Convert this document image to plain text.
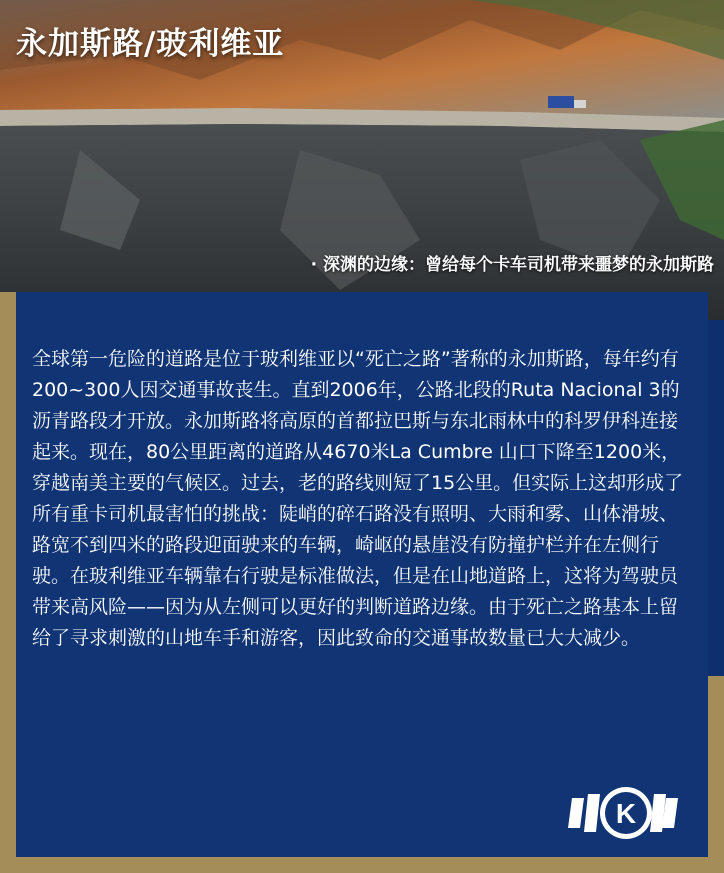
永加斯路/玻利维亚
· 深渊的边缘：曾给每个卡车司机带来噩梦的永加斯路

全球第一危险的道路是位于玻利维亚以“死亡之路”著称的永加斯路，每年约有200~300人因交通事故丧生。直到2006年，公路北段的Ruta Nacional 3的沥青路段才开放。永加斯路将高原的首都拉巴斯与东北雨林中的科罗伊科连接起来。现在，80公里距离的道路从4670米La Cumbre 山口下降至1200米，穿越南美主要的气候区。过去，老的路线则短了15公里。但实际上这却形成了所有重卡司机最害怕的挑战：陡峭的碎石路没有照明、大雨和雾、山体滑坡、路宽不到四米的路段迎面驶来的车辆，崎岖的悬崖没有防撞护栏并在左侧行驶。在玻利维亚车辆靠右行驶是标准做法，但是在山地道路上，这将为驾驶员带来高风险——因为从左侧可以更好的判断道路边缘。由于死亡之路基本上留给了寻求刺激的山地车手和游客，因此致命的交通事故数量已大大减少。

K
